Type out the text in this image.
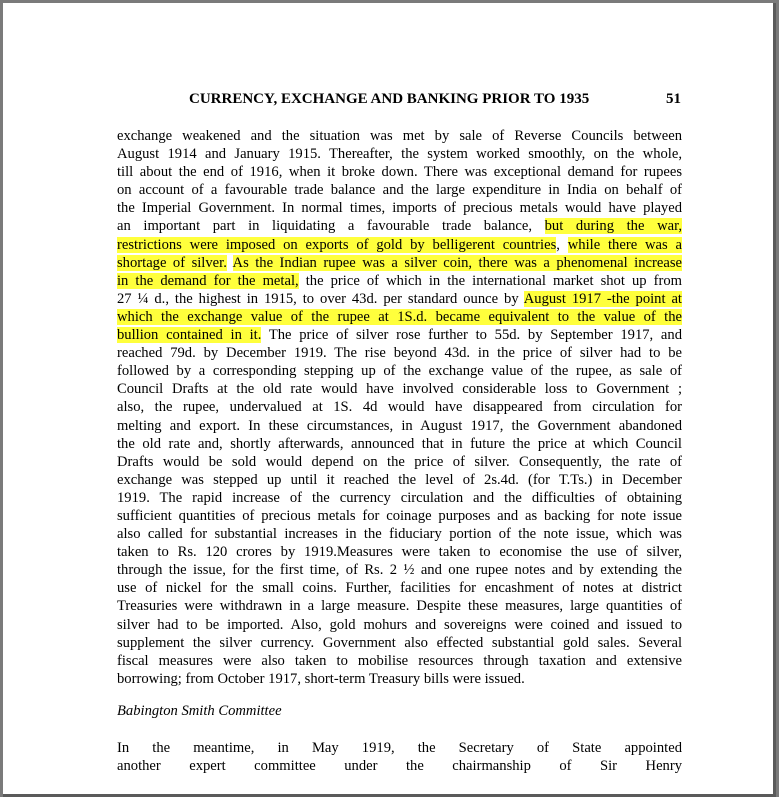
CURRENCY, EXCHANGE AND BANKING PRIOR TO 1935	51
exchange weakened and the situation was met by sale of Reverse Councils between
August 1914 and January 1915. Thereafter, the system worked smoothly, on the whole,
till about the end of 1916, when it broke down. There was exceptional demand for rupees
on account of a favourable trade balance and the large expenditure in India on behalf of
the Imperial Government. In normal times, imports of precious metals would have played
an important part in liquidating a favourable trade balance, but during the war,
restrictions were imposed on exports of gold by belligerent countries, while there was a
shortage of silver. As the Indian rupee was a silver coin, there was a phenomenal increase
in the demand for the metal, the price of which in the international market shot up from
27 ¼ d., the highest in 1915, to over 43d. per standard ounce by August 1917 -the point at
which the exchange value of the rupee at 1S.d. became equivalent to the value of the
bullion contained in it. The price of silver rose further to 55d. by September 1917, and
reached 79d. by December 1919. The rise beyond 43d. in the price of silver had to be
followed by a corresponding stepping up of the exchange value of the rupee, as sale of
Council Drafts at the old rate would have involved considerable loss to Government ;
also, the rupee, undervalued at 1S. 4d would have disappeared from circulation for
melting and export. In these circumstances, in August 1917, the Government abandoned
the old rate and, shortly afterwards, announced that in future the price at which Council
Drafts would be sold would depend on the price of silver. Consequently, the rate of
exchange was stepped up until it reached the level of 2s.4d. (for T.Ts.) in December
1919. The rapid increase of the currency circulation and the difficulties of obtaining
sufficient quantities of precious metals for coinage purposes and as backing for note issue
also called for substantial increases in the fiduciary portion of the note issue, which was
taken to Rs. 120 crores by 1919.Measures were taken to economise the use of silver,
through the issue, for the first time, of Rs. 2 ½ and one rupee notes and by extending the
use of nickel for the small coins. Further, facilities for encashment of notes at district
Treasuries were withdrawn in a large measure. Despite these measures, large quantities of
silver had to be imported. Also, gold mohurs and sovereigns were coined and issued to
supplement the silver currency. Government also effected substantial gold sales. Several
fiscal measures were also taken to mobilise resources through taxation and extensive
borrowing; from October 1917, short-term Treasury bills were issued.
Babington Smith Committee
In the meantime, in May 1919, the Secretary of State appointed
another expert committee under the chairmanship of Sir Henry
